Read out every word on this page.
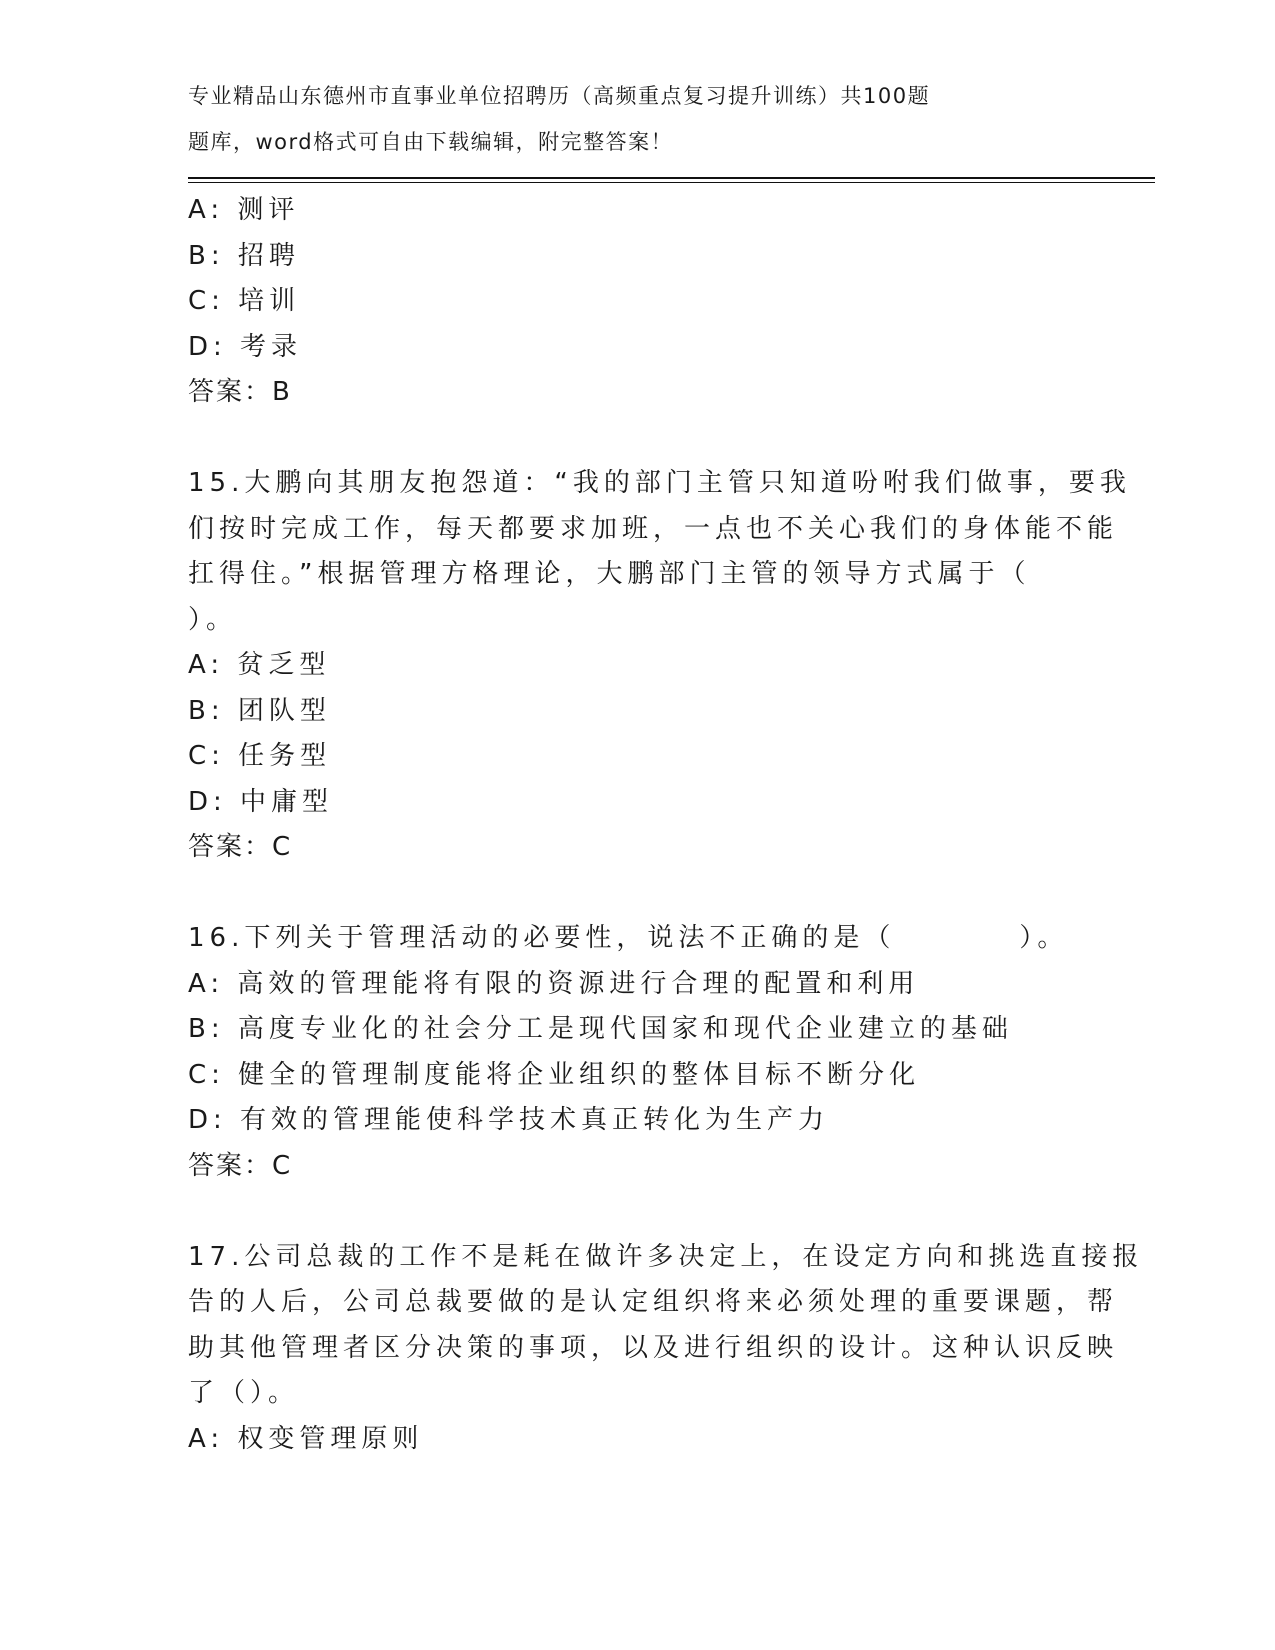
专业精品山东德州市直事业单位招聘历（高频重点复习提升训练）共100题
题库，word格式可自由下载编辑，附完整答案！
A: 测评
B: 招聘
C: 培训
D: 考录
答案：B
15.大鹏向其朋友抱怨道：“我的部门主管只知道吩咐我们做事，要我
们按时完成工作，每天都要求加班，一点也不关心我们的身体能不能
扛得住。”根据管理方格理论，大鹏部门主管的领导方式属于（
）。
A: 贫乏型
B: 团队型
C: 任务型
D: 中庸型
答案：C
16.下列关于管理活动的必要性，说法不正确的是（　　　　）。
A: 高效的管理能将有限的资源进行合理的配置和利用
B: 高度专业化的社会分工是现代国家和现代企业建立的基础
C: 健全的管理制度能将企业组织的整体目标不断分化
D: 有效的管理能使科学技术真正转化为生产力
答案：C
17.公司总裁的工作不是耗在做许多决定上，在设定方向和挑选直接报
告的人后，公司总裁要做的是认定组织将来必须处理的重要课题，帮
助其他管理者区分决策的事项，以及进行组织的设计。这种认识反映
了（）。
A: 权变管理原则
